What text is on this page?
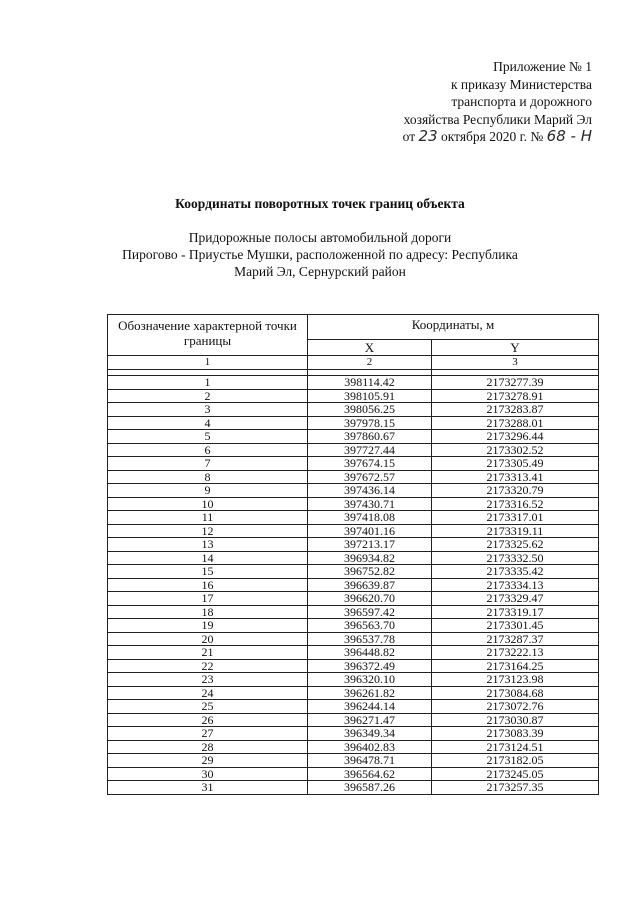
Приложение № 1
к приказу Министерства
транспорта и дорожного
хозяйства Республики Марий Эл
от 23 октября 2020 г. № 68 - Н
Координаты поворотных точек границ объекта
Придорожные полосы автомобильной дороги
Пирогово - Приустье Мушки, расположенной по адресу: Республика
Марий Эл, Сернурский район
Обозначение характерной точки границы	Координаты, м	
	X	Y
1	2	3

1	398114.42	2173277.39
2	398105.91	2173278.91
3	398056.25	2173283.87
4	397978.15	2173288.01
5	397860.67	2173296.44
6	397727.44	2173302.52
7	397674.15	2173305.49
8	397672.57	2173313.41
9	397436.14	2173320.79
10	397430.71	2173316.52
11	397418.08	2173317.01
12	397401.16	2173319.11
13	397213.17	2173325.62
14	396934.82	2173332.50
15	396752.82	2173335.42
16	396639.87	2173334.13
17	396620.70	2173329.47
18	396597.42	2173319.17
19	396563.70	2173301.45
20	396537.78	2173287.37
21	396448.82	2173222.13
22	396372.49	2173164.25
23	396320.10	2173123.98
24	396261.82	2173084.68
25	396244.14	2173072.76
26	396271.47	2173030.87
27	396349.34	2173083.39
28	396402.83	2173124.51
29	396478.71	2173182.05
30	396564.62	2173245.05
31	396587.26	2173257.35
